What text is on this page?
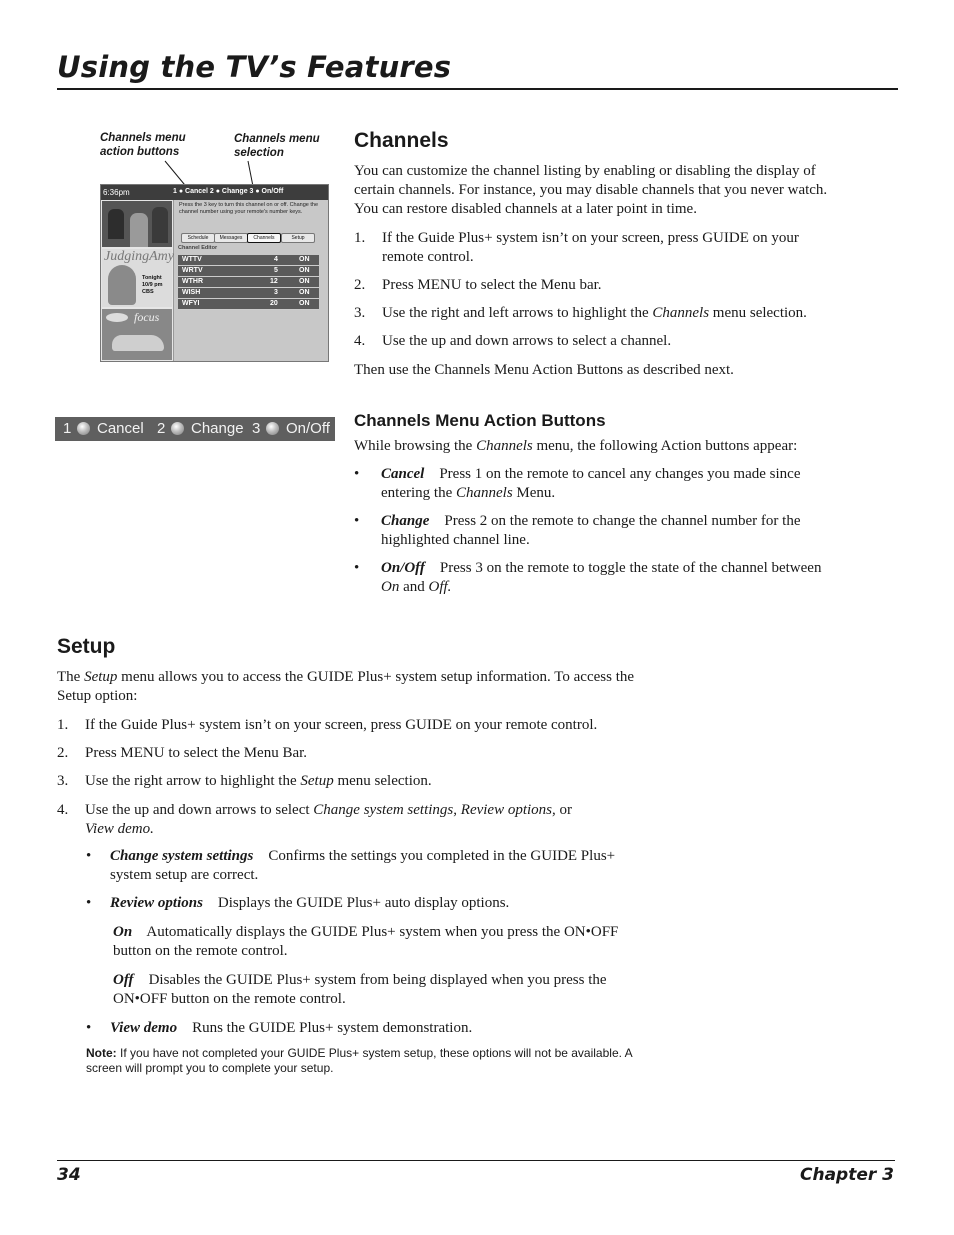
Using the TV’s Features
Channels menu
action buttons
Channels menu
selection
6:36pm	1 ● Cancel 2 ● Change 3 ● On/Off
JudgingAmy
Tonight
10/9 pm
CBS
focus
Press the 3 key to turn this channel on or off. Change the channel number using your remote's number keys.
Schedule	Messages	Channels	Setup
Channel Editor
WTTV	4	ON
WRTV	5	ON
WTHR	12	ON
WISH	3	ON
WFYI	20	ON
1 Cancel 2 Change 3 On/Off
Channels
You can customize the channel listing by enabling or disabling the display of
certain channels. For instance, you may disable channels that you never watch.
You can restore disabled channels at a later point in time.
1. If the Guide Plus+ system isn’t on your screen, press GUIDE on your
remote control.
2.	Press MENU to select the Menu bar.
3.	Use the right and left arrows to highlight the Channels menu selection.
4.	Use the up and down arrows to select a channel.
Then use the Channels Menu Action Buttons as described next.
Channels Menu Action Buttons
While browsing the Channels menu, the following Action buttons appear:
•	Cancel Press 1 on the remote to cancel any changes you made since
entering the Channels Menu.
•	Change Press 2 on the remote to change the channel number for the
highlighted channel line.
•	On/Off Press 3 on the remote to toggle the state of the channel between
On and Off.
Setup
The Setup menu allows you to access the GUIDE Plus+ system setup information. To access the
Setup option:
1.	If the Guide Plus+ system isn’t on your screen, press GUIDE on your remote control.
2.	Press MENU to select the Menu Bar.
3.	Use the right arrow to highlight the Setup menu selection.
4.	Use the up and down arrows to select Change system settings, Review options, or
View demo.
•	Change system settings Confirms the settings you completed in the GUIDE Plus+
system setup are correct.
•	Review options Displays the GUIDE Plus+ auto display options.
On Automatically displays the GUIDE Plus+ system when you press the ON•OFF
button on the remote control.
Off Disables the GUIDE Plus+ system from being displayed when you press the
ON•OFF button on the remote control.
•	View demo Runs the GUIDE Plus+ system demonstration.
Note: If you have not completed your GUIDE Plus+ system setup, these options will not be available. A
screen will prompt you to complete your setup.
34	Chapter 3
